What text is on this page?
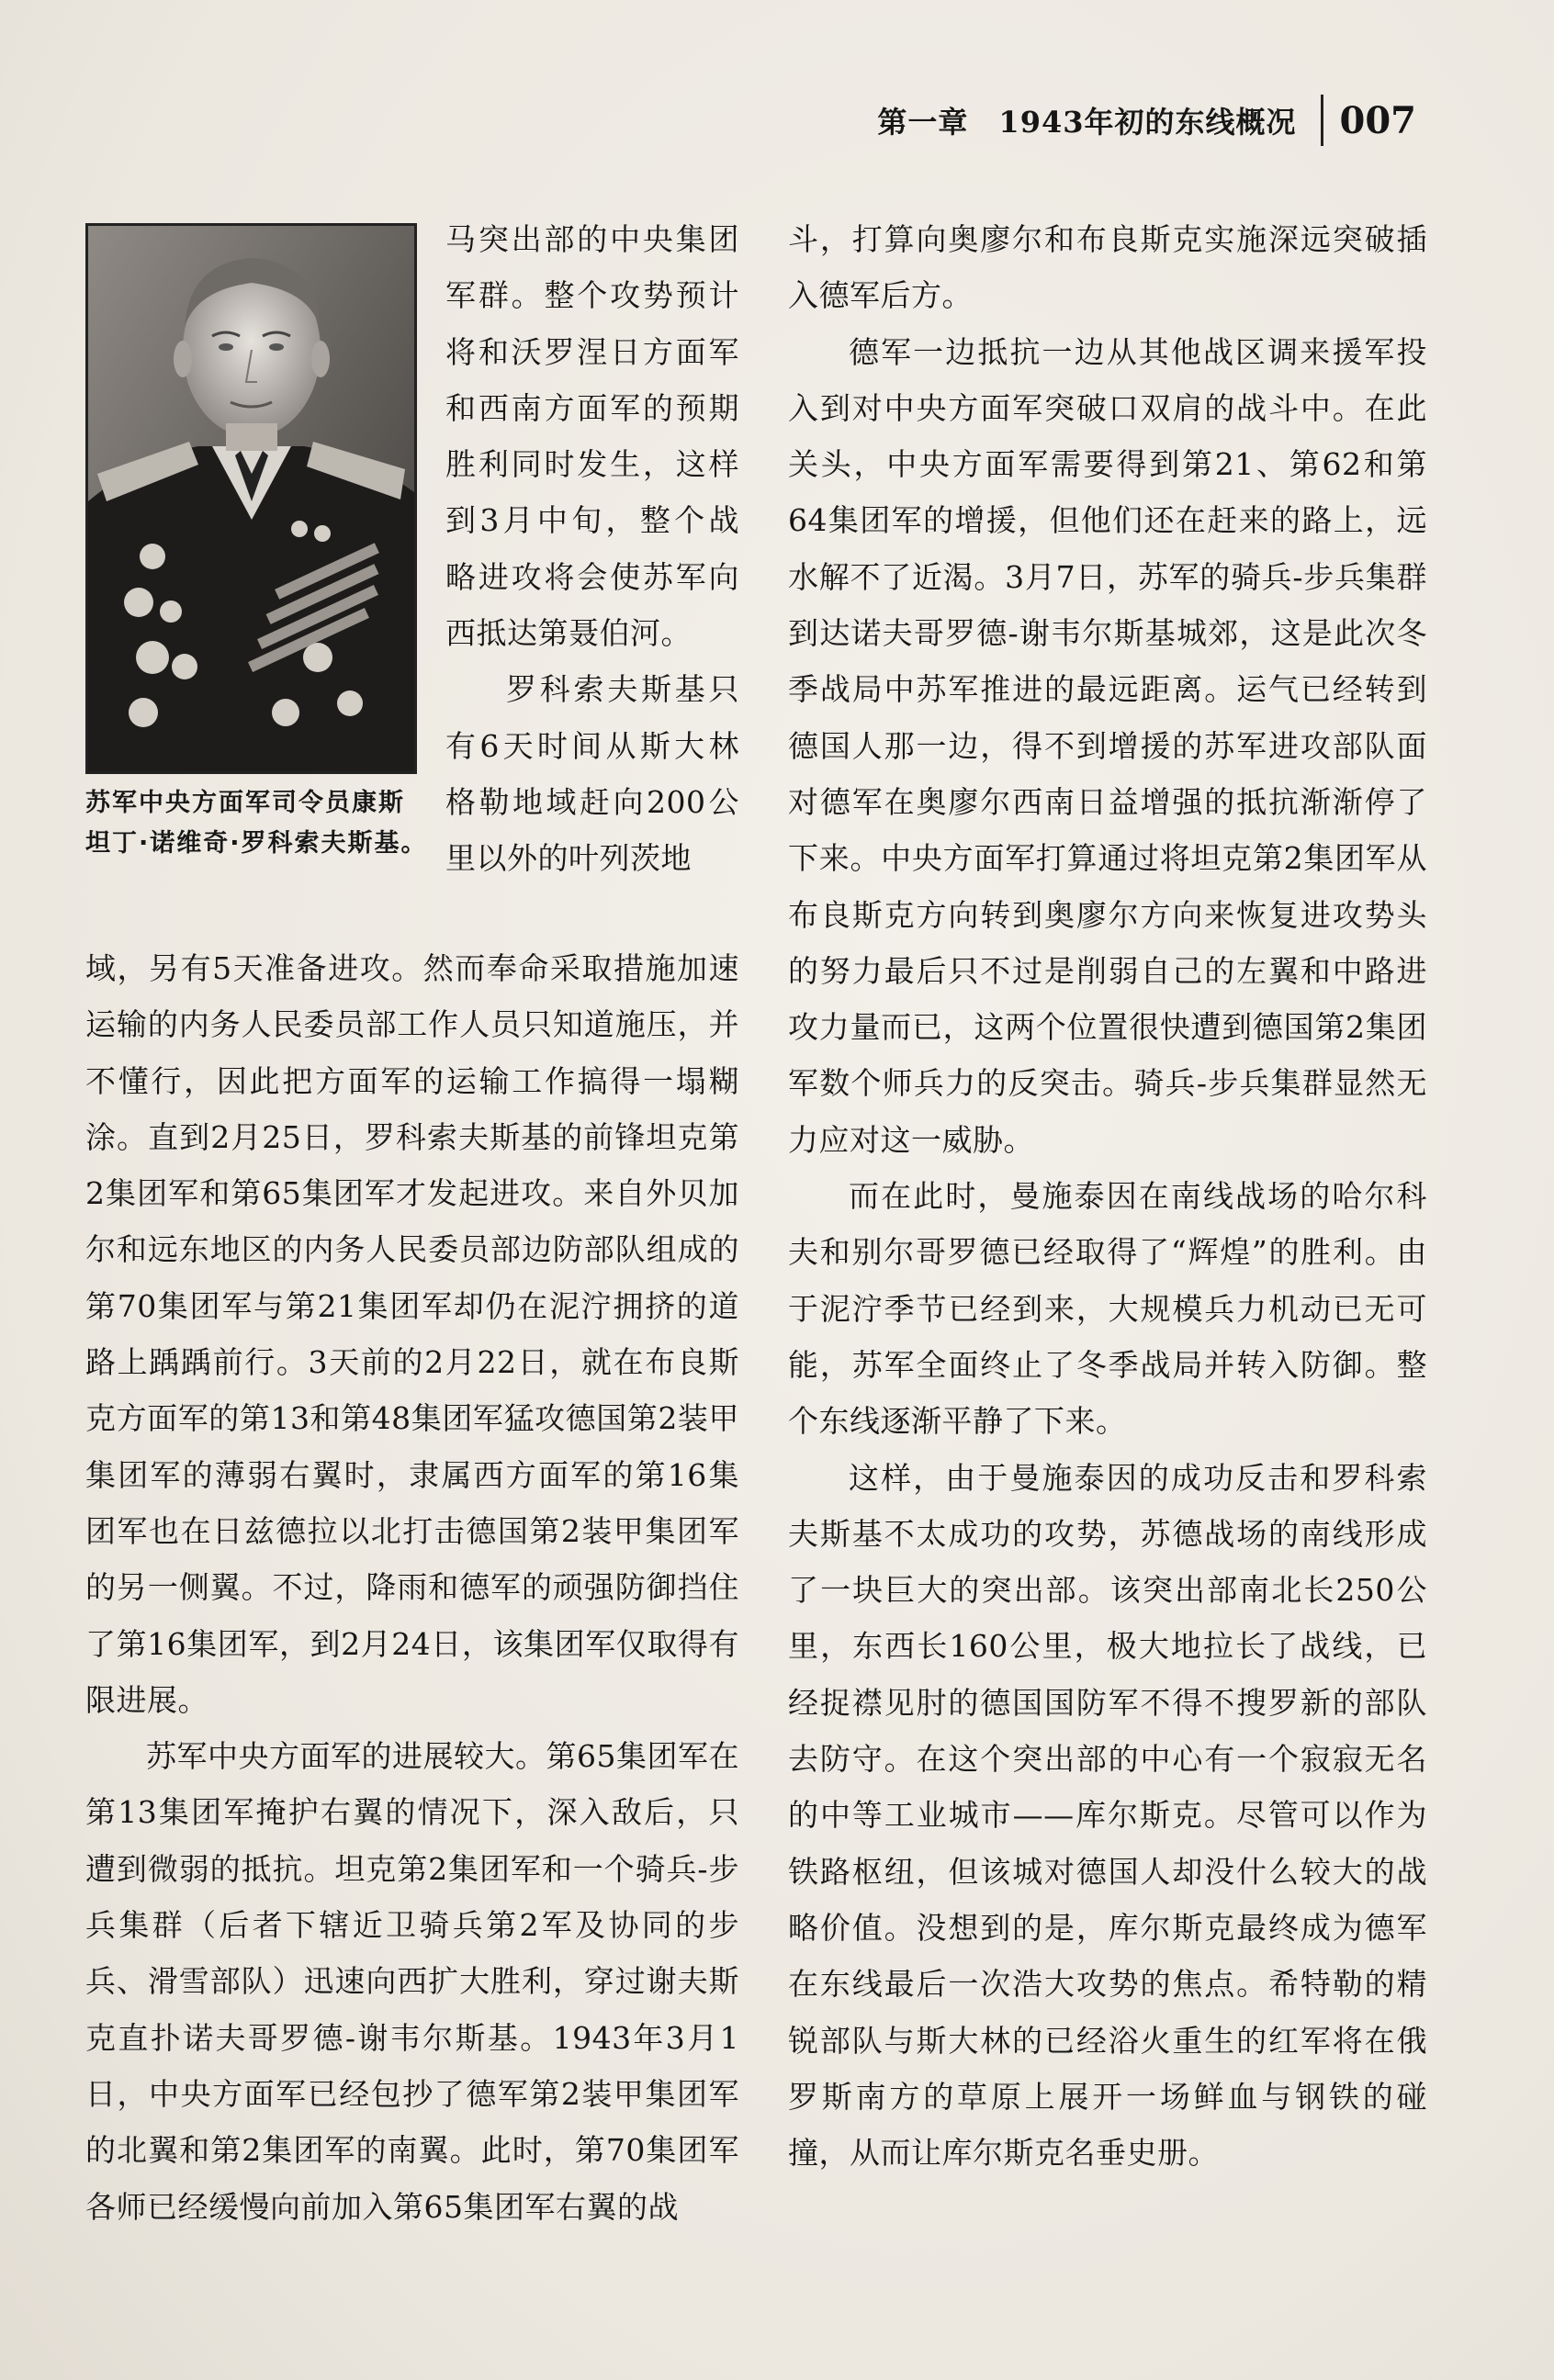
第一章　1943年初的东线概况 007
苏军中央方面军司令员康斯坦丁·诺维奇·罗科索夫斯基。

马突出部的中央集团军群。整个攻势预计将和沃罗涅日方面军和西南方面军的预期胜利同时发生，这样到3月中旬，整个战略进攻将会使苏军向西抵达第聂伯河。

罗科索夫斯基只有6天时间从斯大林格勒地域赶向200公里以外的叶列茨地

域，另有5天准备进攻。然而奉命采取措施加速运输的内务人民委员部工作人员只知道施压，并不懂行，因此把方面军的运输工作搞得一塌糊涂。直到2月25日，罗科索夫斯基的前锋坦克第2集团军和第65集团军才发起进攻。来自外贝加尔和远东地区的内务人民委员部边防部队组成的第70集团军与第21集团军却仍在泥泞拥挤的道路上踽踽前行。3天前的2月22日，就在布良斯克方面军的第13和第48集团军猛攻德国第2装甲集团军的薄弱右翼时，隶属西方面军的第16集团军也在日兹德拉以北打击德国第2装甲集团军的另一侧翼。不过，降雨和德军的顽强防御挡住了第16集团军，到2月24日，该集团军仅取得有限进展。

苏军中央方面军的进展较大。第65集团军在第13集团军掩护右翼的情况下，深入敌后，只遭到微弱的抵抗。坦克第2集团军和一个骑兵-步兵集群（后者下辖近卫骑兵第2军及协同的步兵、滑雪部队）迅速向西扩大胜利，穿过谢夫斯克直扑诺夫哥罗德-谢韦尔斯基。1943年3月1日，中央方面军已经包抄了德军第2装甲集团军的北翼和第2集团军的南翼。此时，第70集团军各师已经缓慢向前加入第65集团军右翼的战

斗，打算向奥廖尔和布良斯克实施深远突破插入德军后方。

德军一边抵抗一边从其他战区调来援军投入到对中央方面军突破口双肩的战斗中。在此关头，中央方面军需要得到第21、第62和第64集团军的增援，但他们还在赶来的路上，远水解不了近渴。3月7日，苏军的骑兵-步兵集群到达诺夫哥罗德-谢韦尔斯基城郊，这是此次冬季战局中苏军推进的最远距离。运气已经转到德国人那一边，得不到增援的苏军进攻部队面对德军在奥廖尔西南日益增强的抵抗渐渐停了下来。中央方面军打算通过将坦克第2集团军从布良斯克方向转到奥廖尔方向来恢复进攻势头的努力最后只不过是削弱自己的左翼和中路进攻力量而已，这两个位置很快遭到德国第2集团军数个师兵力的反突击。骑兵-步兵集群显然无力应对这一威胁。

而在此时，曼施泰因在南线战场的哈尔科夫和别尔哥罗德已经取得了“辉煌”的胜利。由于泥泞季节已经到来，大规模兵力机动已无可能，苏军全面终止了冬季战局并转入防御。整个东线逐渐平静了下来。

这样，由于曼施泰因的成功反击和罗科索夫斯基不太成功的攻势，苏德战场的南线形成了一块巨大的突出部。该突出部南北长250公里，东西长160公里，极大地拉长了战线，已经捉襟见肘的德国国防军不得不搜罗新的部队去防守。在这个突出部的中心有一个寂寂无名的中等工业城市——库尔斯克。尽管可以作为铁路枢纽，但该城对德国人却没什么较大的战略价值。没想到的是，库尔斯克最终成为德军在东线最后一次浩大攻势的焦点。希特勒的精锐部队与斯大林的已经浴火重生的红军将在俄罗斯南方的草原上展开一场鲜血与钢铁的碰撞，从而让库尔斯克名垂史册。
